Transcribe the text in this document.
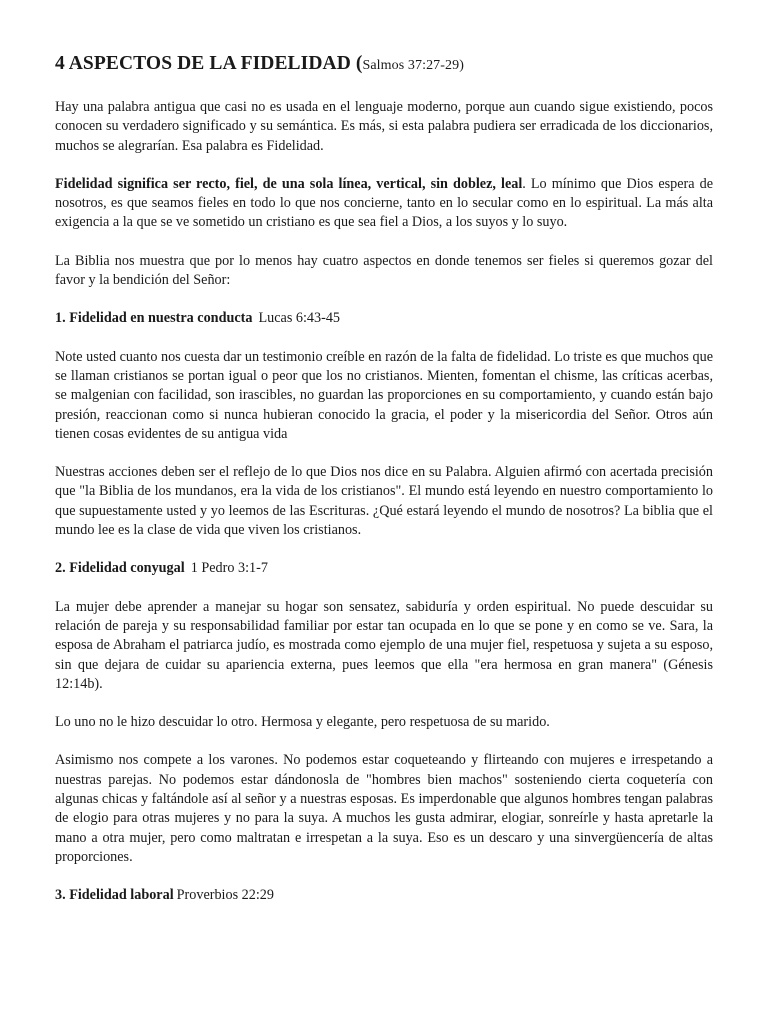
4 ASPECTOS DE LA FIDELIDAD (Salmos 37:27-29)

Hay una palabra antigua que casi no es usada en el lenguaje moderno, porque aun cuando sigue existiendo, pocos conocen su verdadero significado y su semántica. Es más, si esta palabra pudiera ser erradicada de los diccionarios, muchos se alegrarían. Esa palabra es Fidelidad.

Fidelidad significa ser recto, fiel, de una sola línea, vertical, sin doblez, leal. Lo mínimo que Dios espera de nosotros, es que seamos fieles en todo lo que nos concierne, tanto en lo secular como en lo espiritual. La más alta exigencia a la que se ve sometido un cristiano es que sea fiel a Dios, a los suyos y lo suyo.

La Biblia nos muestra que por lo menos hay cuatro aspectos en donde tenemos ser fieles si queremos gozar del favor y la bendición del Señor:

1. Fidelidad en nuestra conducta Lucas 6:43-45

Note usted cuanto nos cuesta dar un testimonio creíble en razón de la falta de fidelidad. Lo triste es que muchos que se llaman cristianos se portan igual o peor que los no cristianos. Mienten, fomentan el chisme, las críticas acerbas, se malgenian con facilidad, son irascibles, no guardan las proporciones en su comportamiento, y cuando están bajo presión, reaccionan como si nunca hubieran conocido la gracia, el poder y la misericordia del Señor. Otros aún tienen cosas evidentes de su antigua vida

Nuestras acciones deben ser el reflejo de lo que Dios nos dice en su Palabra. Alguien afirmó con acertada precisión que "la Biblia de los mundanos, era la vida de los cristianos". El mundo está leyendo en nuestro comportamiento lo que supuestamente usted y yo leemos de las Escrituras. ¿Qué estará leyendo el mundo de nosotros? La biblia que el mundo lee es la clase de vida que viven los cristianos.

2. Fidelidad conyugal 1 Pedro 3:1-7

La mujer debe aprender a manejar su hogar son sensatez, sabiduría y orden espiritual. No puede descuidar su relación de pareja y su responsabilidad familiar por estar tan ocupada en lo que se pone y en como se ve. Sara, la esposa de Abraham el patriarca judío, es mostrada como ejemplo de una mujer fiel, respetuosa y sujeta a su esposo, sin que dejara de cuidar su apariencia externa, pues leemos que ella "era hermosa en gran manera" (Génesis 12:14b).

Lo uno no le hizo descuidar lo otro. Hermosa y elegante, pero respetuosa de su marido.

Asimismo nos compete a los varones. No podemos estar coqueteando y flirteando con mujeres e irrespetando a nuestras parejas. No podemos estar dándonosla de "hombres bien machos" sosteniendo cierta coquetería con algunas chicas y faltándole así al señor y a nuestras esposas. Es imperdonable que algunos hombres tengan palabras de elogio para otras mujeres y no para la suya. A muchos les gusta admirar, elogiar, sonreírle y hasta apretarle la mano a otra mujer, pero como maltratan e irrespetan a la suya. Eso es un descaro y una sinvergüencería de altas proporciones.

3. Fidelidad laboral Proverbios 22:29
